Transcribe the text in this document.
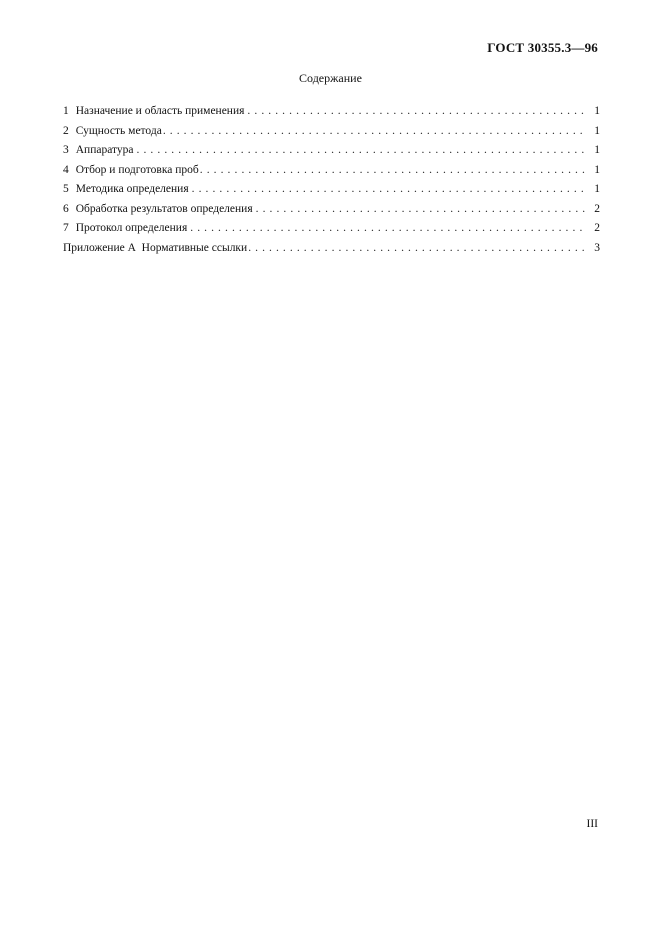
ГОСТ 30355.3—96
Содержание
1 Назначение и область применения . . .	1
2 Сущность метода . . .	1
3 Аппаратура . . .	1
4 Отбор и подготовка проб . . .	1
5 Методика определения . . .	1
6 Обработка результатов определения . . .	2
7 Протокол определения . . .	2
Приложение А  Нормативные ссылки . . .	3
III
